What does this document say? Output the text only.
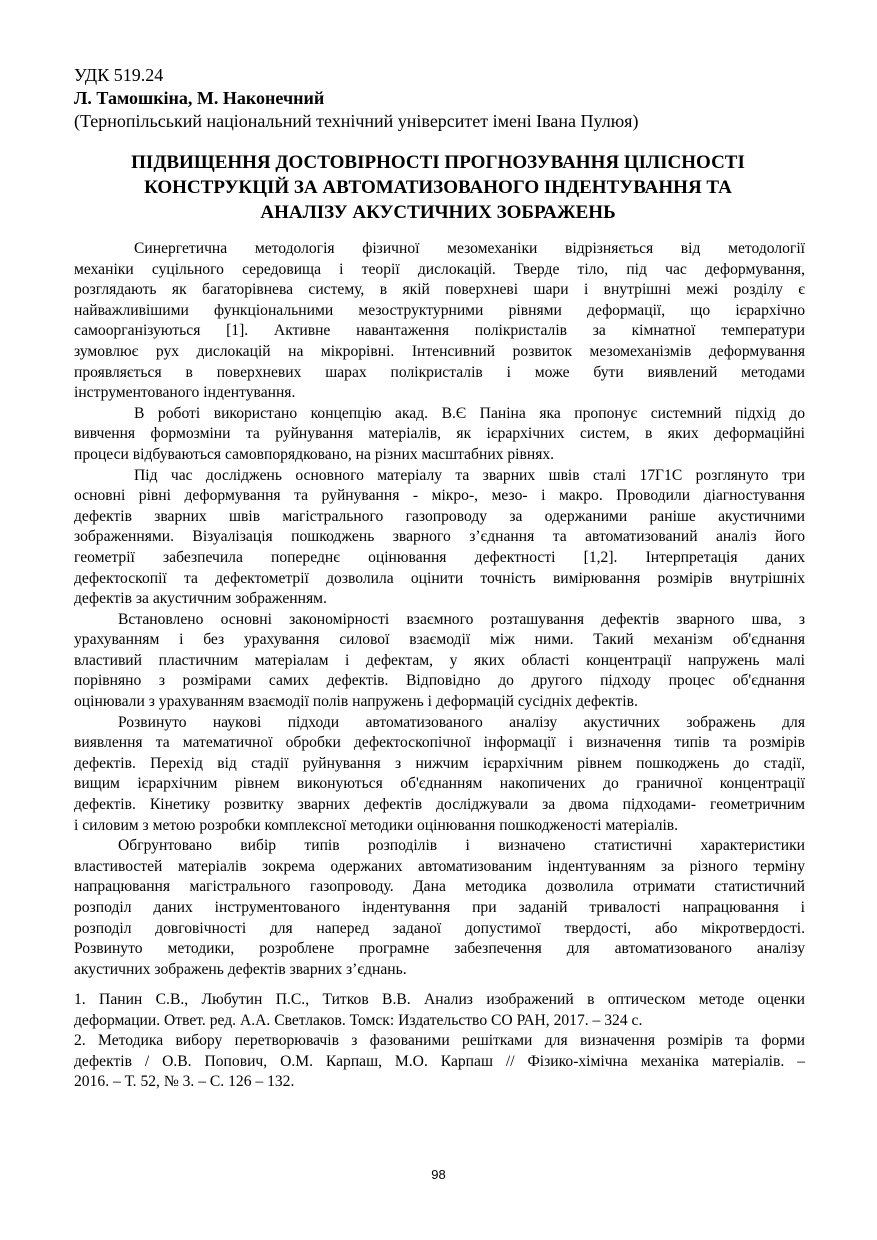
УДК 519.24
Л. Тамошкіна, М. Наконечний
(Тернопільський національний технічний університет імені Івана Пулюя)
ПІДВИЩЕННЯ ДОСТОВІРНОСТІ ПРОГНОЗУВАННЯ ЦІЛІСНОСТІ
КОНСТРУКЦІЙ ЗА АВТОМАТИЗОВАНОГО ІНДЕНТУВАННЯ ТА
АНАЛІЗУ АКУСТИЧНИХ ЗОБРАЖЕНЬ
Синергетична методологія фізичної мезомеханіки відрізняється від методології
механіки суцільного середовища і теорії дислокацій. Тверде тіло, під час деформування,
розглядають як багаторівнева систему, в якій поверхневі шари і внутрішні межі розділу є
найважливішими функціональними мезоструктурними рівнями деформації, що ієрархічно
самоорганізуються [1]. Активне навантаження полікристалів за кімнатної температури
зумовлює рух дислокацій на мікрорівні. Інтенсивний розвиток мезомеханізмів деформування
проявляється в поверхневих шарах полікристалів і може бути виявлений методами
інструментованого індентування.
В роботі використано концепцію акад. В.Є Паніна яка пропонує системний підхід до
вивчення формозміни та руйнування матеріалів, як ієрархічних систем, в яких деформаційні
процеси відбуваються самовпорядковано, на різних масштабних рівнях.
Під час досліджень основного матеріалу та зварних швів сталі 17Г1С розглянуто три
основні рівні деформування та руйнування - мікро-, мезо- і макро. Проводили діагностування
дефектів зварних швів магістрального газопроводу за одержаними раніше акустичними
зображеннями. Візуалізація пошкоджень зварного з’єднання та автоматизований аналіз його
геометрії забезпечила попереднє оцінювання дефектності [1,2]. Інтерпретація даних
дефектоскопії та дефектометрії дозволила оцінити точність вимірювання розмірів внутрішніх
дефектів за акустичним зображенням.
Встановлено основні закономірності взаємного розташування дефектів зварного шва, з
урахуванням і без урахування силової взаємодії між ними. Такий механізм об'єднання
властивий пластичним матеріалам і дефектам, у яких області концентрації напружень малі
порівняно з розмірами самих дефектів. Відповідно до другого підходу процес об'єднання
оцінювали з урахуванням взаємодії полів напружень і деформацій сусідніх дефектів.
Розвинуто наукові підходи автоматизованого аналізу акустичних зображень для
виявлення та математичної обробки дефектоскопічної інформації і визначення типів та розмірів
дефектів. Перехід від стадії руйнування з нижчим ієрархічним рівнем пошкоджень до стадії,
вищим ієрархічним рівнем виконуються об'єднанням накопичених до граничної концентрації
дефектів. Кінетику розвитку зварних дефектів досліджували за двома підходами- геометричним
і силовим з метою розробки комплексної методики оцінювання пошкодженості матеріалів.
Обгрунтовано вибір типів розподілів і визначено статистичні характеристики
властивостей матеріалів зокрема одержаних автоматизованим індентуванням за різного терміну
напрацювання магістрального газопроводу. Дана методика дозволила отримати статистичний
розподіл даних інструментованого індентування при заданій тривалості напрацювання і
розподіл довговічності для наперед заданої допустимої твердості, або мікротвердості.
Розвинуто методики, розроблене програмне забезпечення для автоматизованого аналізу
акустичних зображень дефектів зварних з’єднань.
1. Панин С.В., Любутин П.С., Титков В.В. Анализ изображений в оптическом методе оценки
деформации. Ответ. ред. А.А. Светлаков. Томск: Издательство СО РАН, 2017. – 324 с.
2. Методика вибору перетворювачів з фазованими решітками для визначення розмірів та форми
дефектів / О.В. Попович, О.М. Карпаш, М.О. Карпаш // Фізико-хімічна механіка матеріалів. –
2016. – Т. 52, № 3. – С. 126 – 132.
98
